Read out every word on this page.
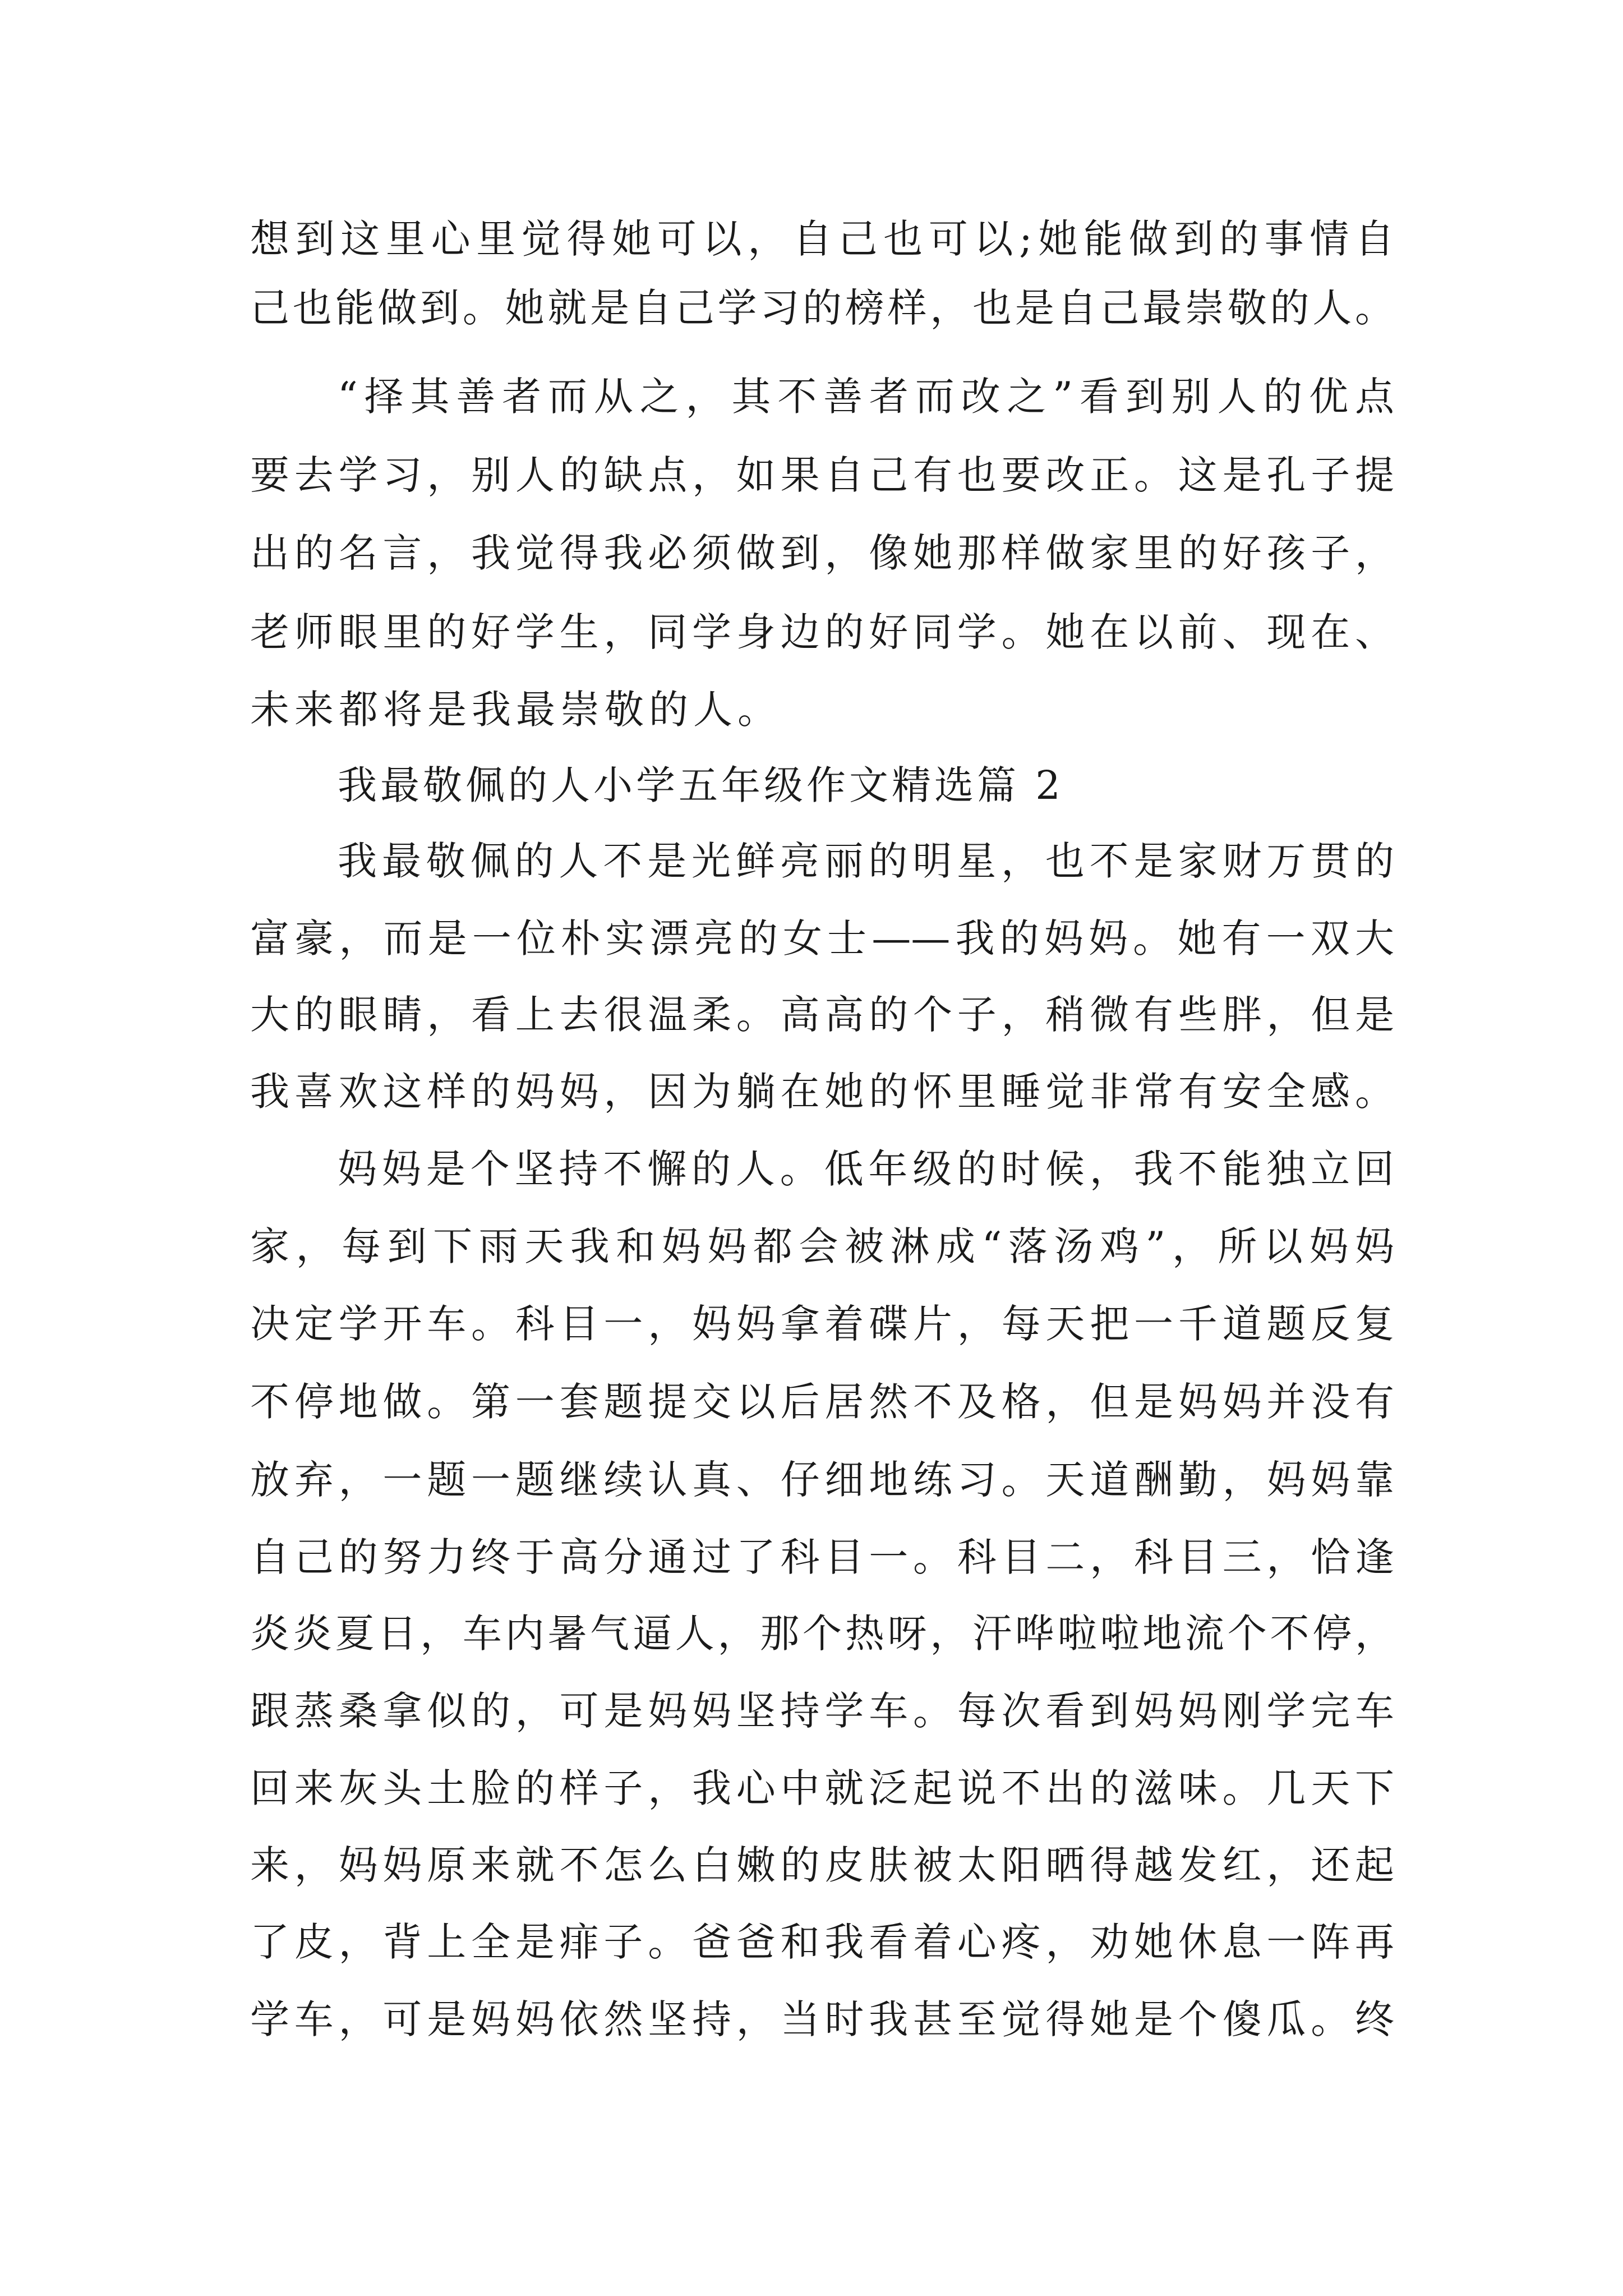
想到这里心里觉得她可以，自己也可以;她能做到的事情自
己也能做到。她就是自己学习的榜样，也是自己最崇敬的人。
“择其善者而从之，其不善者而改之”看到别人的优点
要去学习，别人的缺点，如果自己有也要改正。这是孔子提
出的名言，我觉得我必须做到，像她那样做家里的好孩子，
老师眼里的好学生，同学身边的好同学。她在以前、现在、
未来都将是我最崇敬的人。
我最敬佩的人小学五年级作文精选篇 2
我最敬佩的人不是光鲜亮丽的明星，也不是家财万贯的
富豪，而是一位朴实漂亮的女士——我的妈妈。她有一双大
大的眼睛，看上去很温柔。高高的个子，稍微有些胖，但是
我喜欢这样的妈妈，因为躺在她的怀里睡觉非常有安全感。
妈妈是个坚持不懈的人。低年级的时候，我不能独立回
家，每到下雨天我和妈妈都会被淋成“落汤鸡”，所以妈妈
决定学开车。科目一，妈妈拿着碟片，每天把一千道题反复
不停地做。第一套题提交以后居然不及格，但是妈妈并没有
放弃，一题一题继续认真、仔细地练习。天道酬勤，妈妈靠
自己的努力终于高分通过了科目一。科目二，科目三，恰逢
炎炎夏日，车内暑气逼人，那个热呀，汗哗啦啦地流个不停，
跟蒸桑拿似的，可是妈妈坚持学车。每次看到妈妈刚学完车
回来灰头土脸的样子，我心中就泛起说不出的滋味。几天下
来，妈妈原来就不怎么白嫩的皮肤被太阳晒得越发红，还起
了皮，背上全是痱子。爸爸和我看着心疼，劝她休息一阵再
学车，可是妈妈依然坚持，当时我甚至觉得她是个傻瓜。终
